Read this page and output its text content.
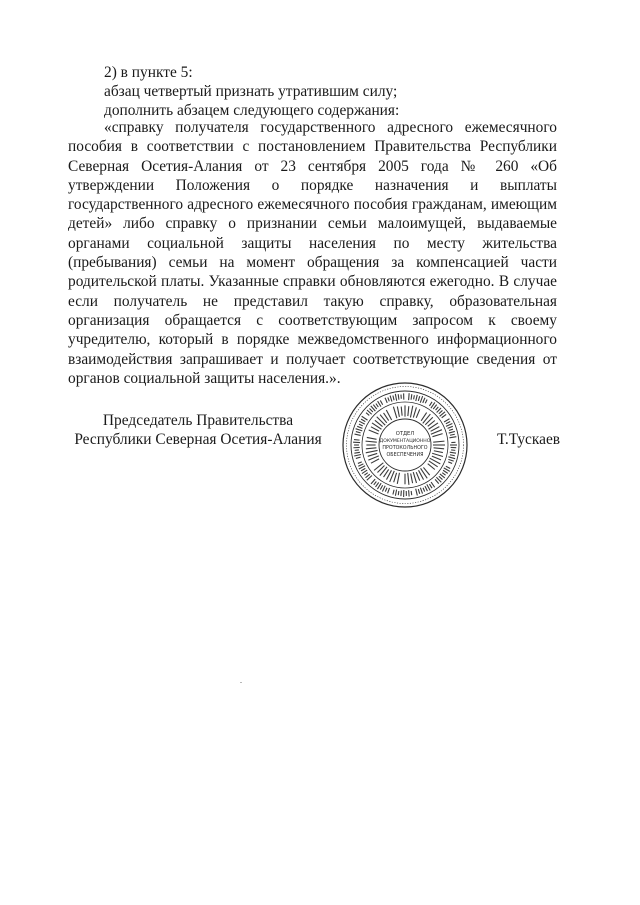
2) в пункте 5:
абзац четвертый признать утратившим силу;
дополнить абзацем следующего содержания:
«справку получателя государственного адресного ежемесячного пособия в соответствии с постановлением Правительства Республики Северная Осетия-Алания от 23 сентября 2005 года № 260 «Об утверждении Положения о порядке назначения и выплаты государственного адресного ежемесячного пособия гражданам, имеющим детей» либо справку о признании семьи малоимущей, выдаваемые органами социальной защиты населения по месту жительства (пребывания) семьи на момент обращения за компенсацией части родительской платы. Указанные справки обновляются ежегодно. В случае если получатель не представил такую справку, образовательная организация обращается с соответствующим запросом к своему учредителю, который в порядке межведомственного информационного взаимодействия запрашивает и получает соответствующие сведения от органов социальной защиты населения.».
Председатель Правительства
Республики Северная Осетия-Алания	ОТДЕЛ
ДОКУМЕНТАЦИОННО
ПРОТОКОЛЬНОГО
ОБЕСПЕЧЕНИЯ
Т.Тускаев
